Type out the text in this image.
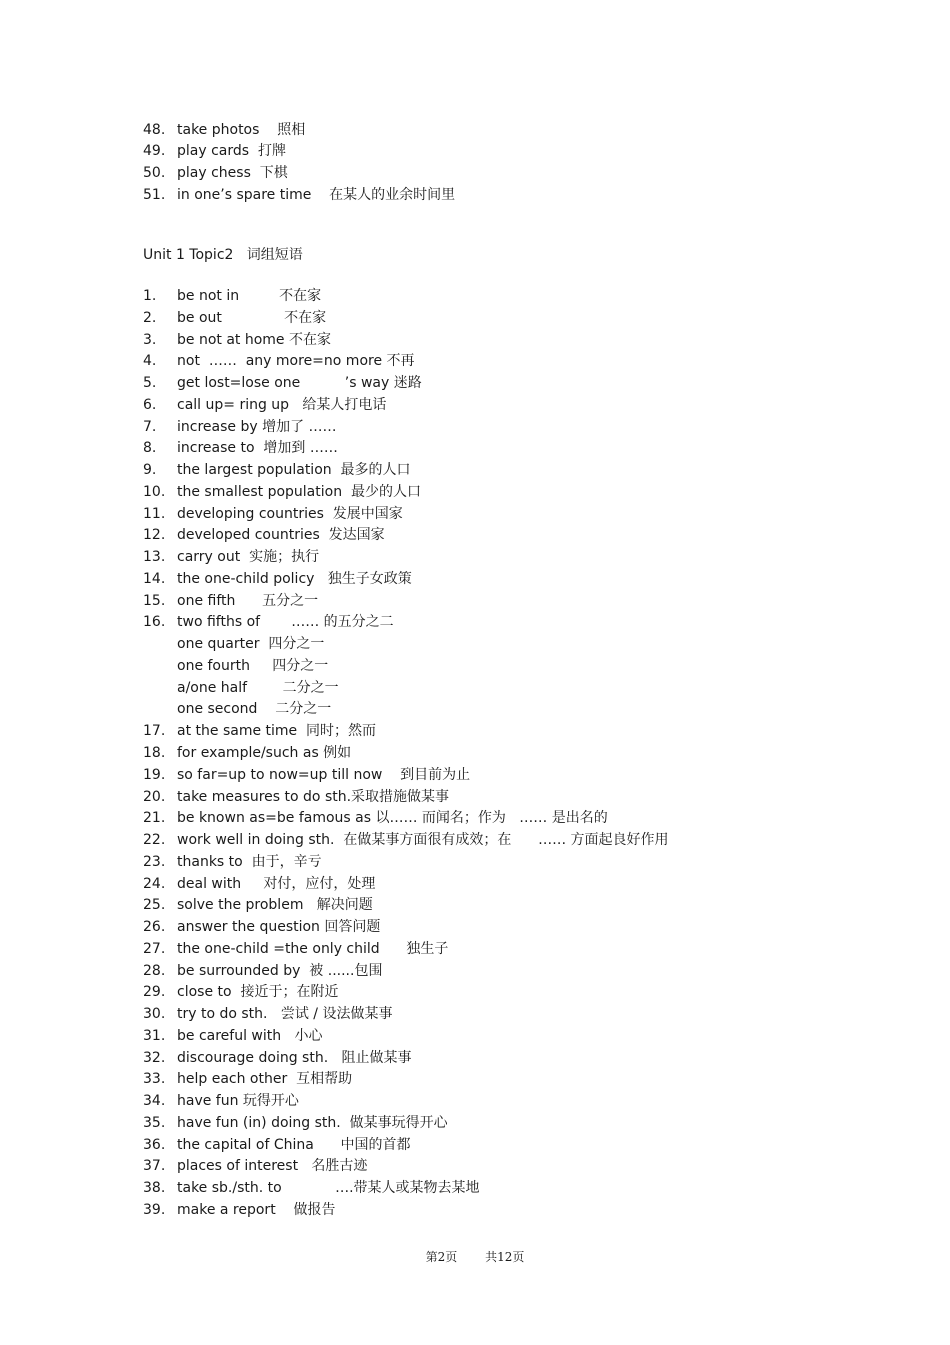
48. take photos    照相
49. play cards  打牌
50. play chess  下棋
51. in one’s spare time    在某人的业余时间里
Unit 1 Topic2   词组短语
1. be not in         不在家
2. be out              不在家
3. be not at home 不在家
4. not  ……  any more=no more 不再
5. get lost=lose one          ’s way 迷路
6. call up= ring up   给某人打电话
7. increase by 增加了 ……
8. increase to  增加到 ……
9. the largest population  最多的人口
10. the smallest population  最少的人口
11. developing countries  发展中国家
12. developed countries  发达国家
13. carry out  实施；执行
14. the one-child policy   独生子女政策
15. one fifth      五分之一
16. two fifths of       …… 的五分之二
one quarter  四分之一
one fourth     四分之一
a/one half        二分之一
one second    二分之一
17. at the same time  同时；然而
18. for example/such as 例如
19. so far=up to now=up till now    到目前为止
20. take measures to do sth.采取措施做某事
21. be known as=be famous as 以…… 而闻名；作为   …… 是出名的
22. work well in doing sth.  在做某事方面很有成效；在      …… 方面起良好作用
23. thanks to  由于，辛亏
24. deal with     对付，应付，处理
25. solve the problem   解决问题
26. answer the question 回答问题
27. the one-child =the only child      独生子
28. be surrounded by  被 ......包围
29. close to  接近于；在附近
30. try to do sth.   尝试 / 设法做某事
31. be careful with   小心
32. discourage doing sth.   阻止做某事
33. help each other  互相帮助
34. have fun 玩得开心
35. have fun (in) doing sth.  做某事玩得开心
36. the capital of China      中国的首都
37. places of interest   名胜古迹
38. take sb./sth. to            ….带某人或某物去某地
39. make a report    做报告
第2页 共12页
